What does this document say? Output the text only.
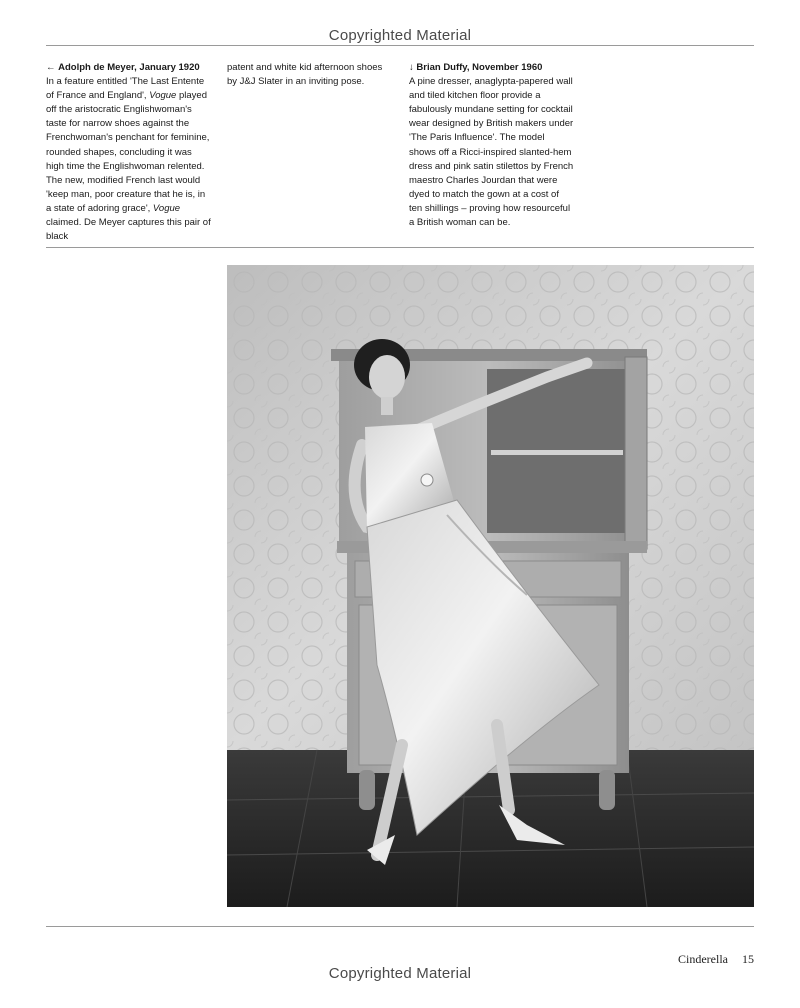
Copyrighted Material

← Adolph de Meyer, January 1920
In a feature entitled 'The Last Entente of France and England', Vogue played off the aristocratic Englishwoman's taste for narrow shoes against the Frenchwoman's penchant for feminine, rounded shapes, concluding it was high time the Englishwoman relented. The new, modified French last would 'keep man, poor creature that he is, in a state of adoring grace', Vogue claimed. De Meyer captures this pair of black

patent and white kid afternoon shoes by J&J Slater in an inviting pose.

↓ Brian Duffy, November 1960
A pine dresser, anaglypta-papered wall and tiled kitchen floor provide a fabulously mundane setting for cocktail wear designed by British makers under 'The Paris Influence'. The model shows off a Ricci-inspired slanted-hem dress and pink satin stilettos by French maestro Charles Jourdan that were dyed to match the gown at a cost of ten shillings – proving how resourceful a British woman can be.

Cinderella 15
Copyrighted Material
